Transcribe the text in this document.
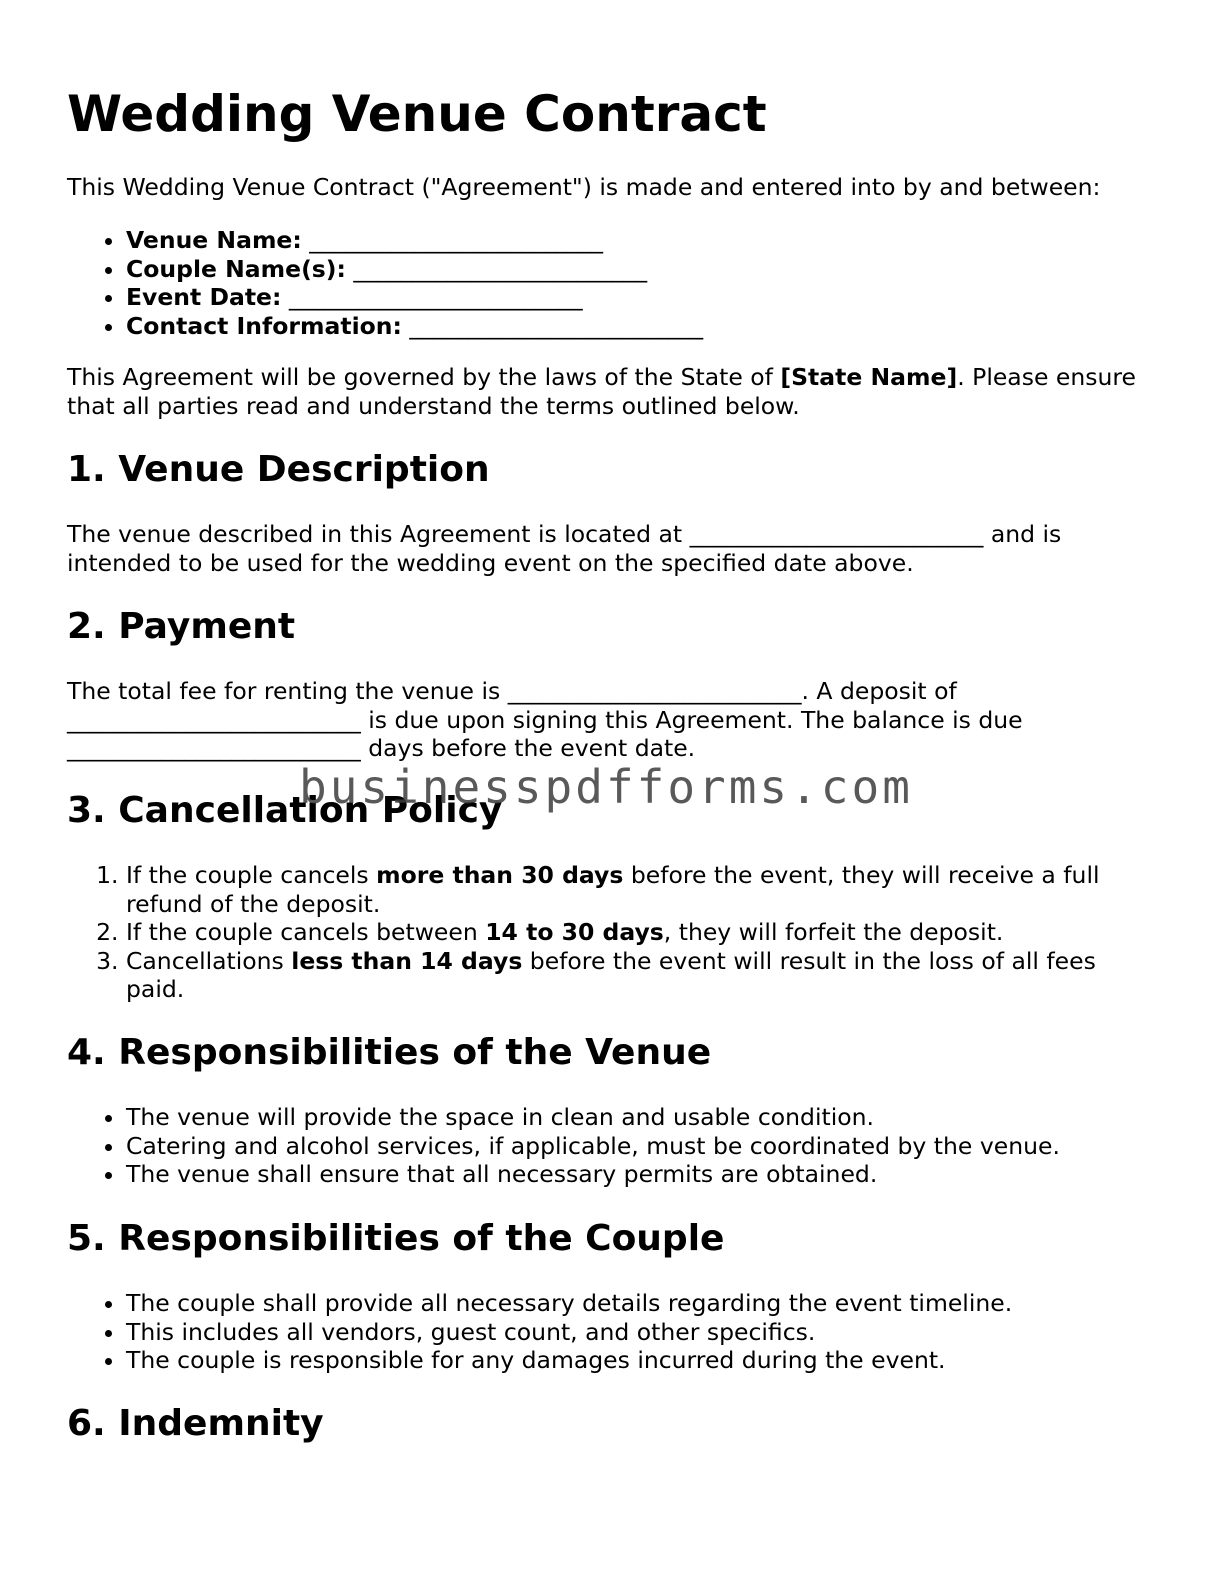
Wedding Venue Contract

This Wedding Venue Contract ("Agreement") is made and entered into by and between:

• Venue Name: _________________________
• Couple Name(s): _________________________
• Event Date: _________________________
• Contact Information: _________________________

This Agreement will be governed by the laws of the State of [State Name]. Please ensure that all parties read and understand the terms outlined below.

1. Venue Description

The venue described in this Agreement is located at _________________________ and is intended to be used for the wedding event on the specified date above.

2. Payment

The total fee for renting the venue is _________________________. A deposit of
_________________________ is due upon signing this Agreement. The balance is due
_________________________ days before the event date.

3. Cancellation Policy
1. If the couple cancels more than 30 days before the event, they will receive a full refund of the deposit.
2. If the couple cancels between 14 to 30 days, they will forfeit the deposit.
3. Cancellations less than 14 days before the event will result in the loss of all fees paid.
4. Responsibilities of the Venue
• The venue will provide the space in clean and usable condition.
• Catering and alcohol services, if applicable, must be coordinated by the venue.
• The venue shall ensure that all necessary permits are obtained.
5. Responsibilities of the Couple
• The couple shall provide all necessary details regarding the event timeline.
• This includes all vendors, guest count, and other specifics.
• The couple is responsible for any damages incurred during the event.
6. Indemnity
businesspdfforms.com
